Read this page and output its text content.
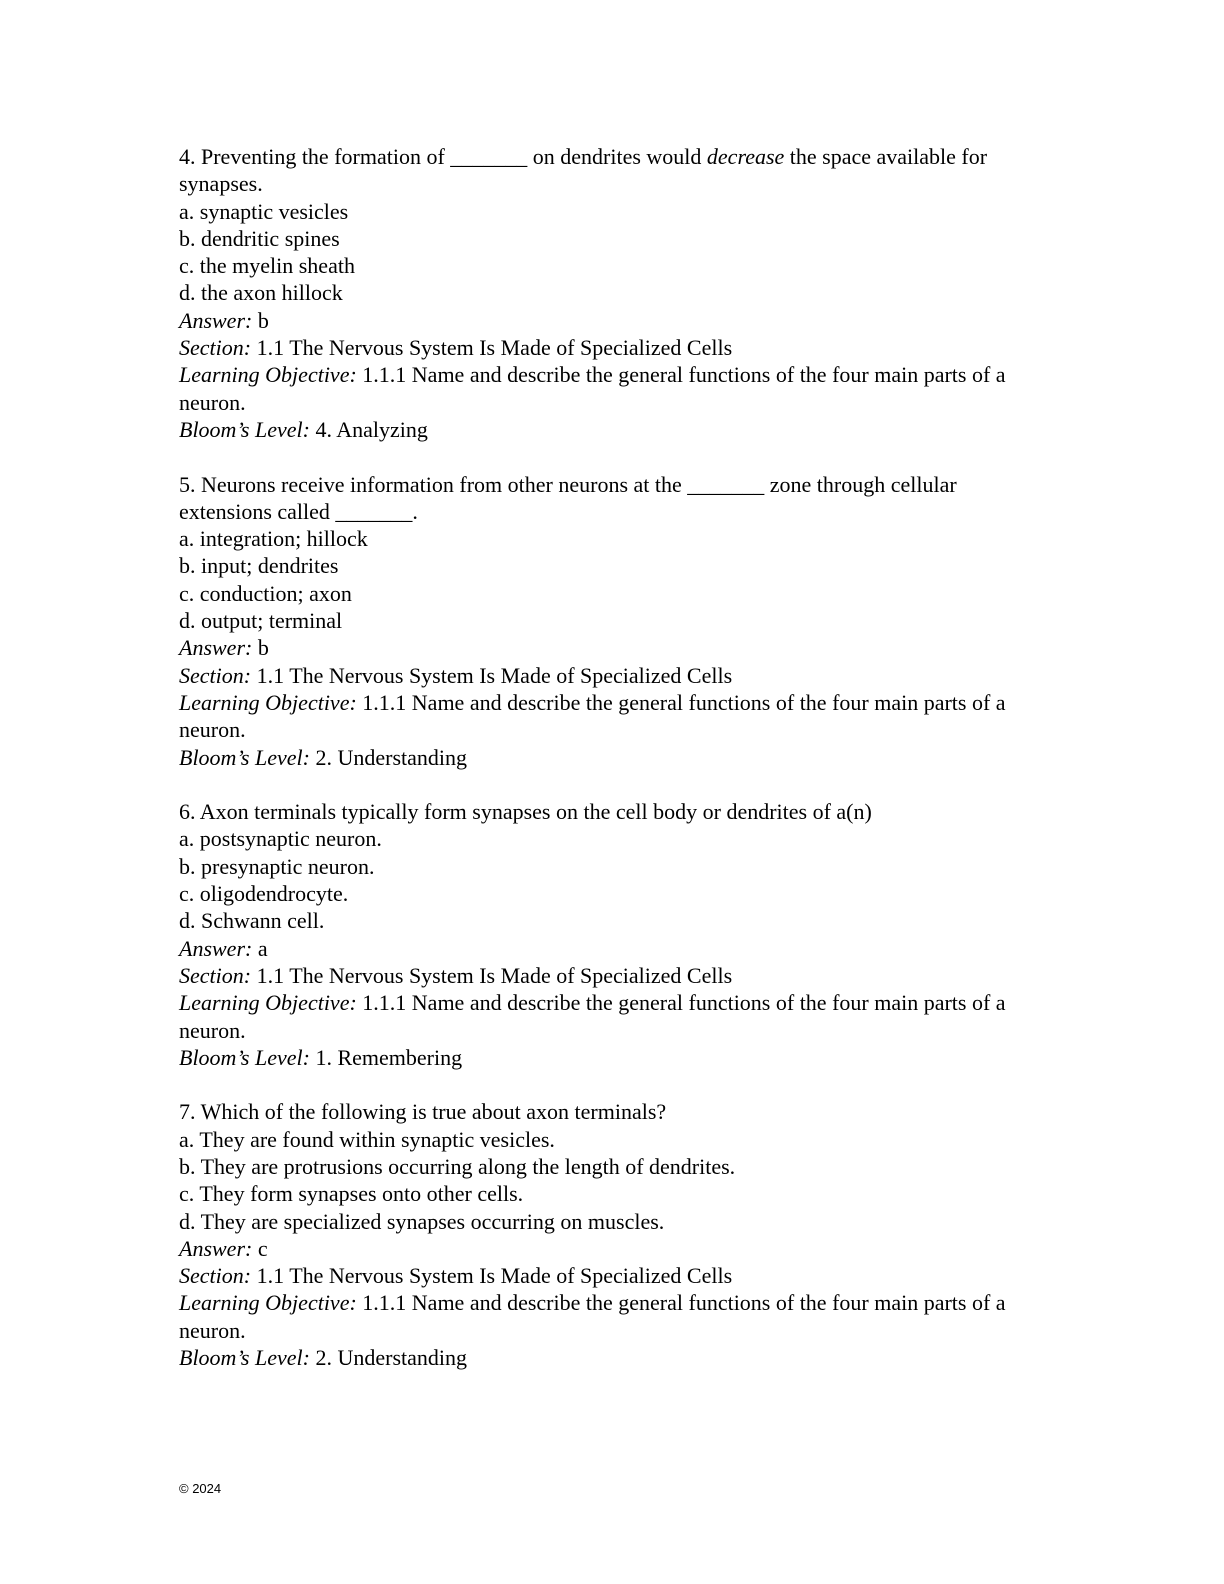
4. Preventing the formation of _______ on dendrites would decrease the space available for synapses.
a. synaptic vesicles
b. dendritic spines
c. the myelin sheath
d. the axon hillock
Answer: b
Section: 1.1 The Nervous System Is Made of Specialized Cells
Learning Objective: 1.1.1 Name and describe the general functions of the four main parts of a neuron.
Bloom’s Level: 4. Analyzing
5. Neurons receive information from other neurons at the _______ zone through cellular extensions called _______.
a. integration; hillock
b. input; dendrites
c. conduction; axon
d. output; terminal
Answer: b
Section: 1.1 The Nervous System Is Made of Specialized Cells
Learning Objective: 1.1.1 Name and describe the general functions of the four main parts of a neuron.
Bloom’s Level: 2. Understanding
6. Axon terminals typically form synapses on the cell body or dendrites of a(n)
a. postsynaptic neuron.
b. presynaptic neuron.
c. oligodendrocyte.
d. Schwann cell.
Answer: a
Section: 1.1 The Nervous System Is Made of Specialized Cells
Learning Objective: 1.1.1 Name and describe the general functions of the four main parts of a neuron.
Bloom’s Level: 1. Remembering
7. Which of the following is true about axon terminals?
a. They are found within synaptic vesicles.
b. They are protrusions occurring along the length of dendrites.
c. They form synapses onto other cells.
d. They are specialized synapses occurring on muscles.
Answer: c
Section: 1.1 The Nervous System Is Made of Specialized Cells
Learning Objective: 1.1.1 Name and describe the general functions of the four main parts of a neuron.
Bloom’s Level: 2. Understanding
© 2024
